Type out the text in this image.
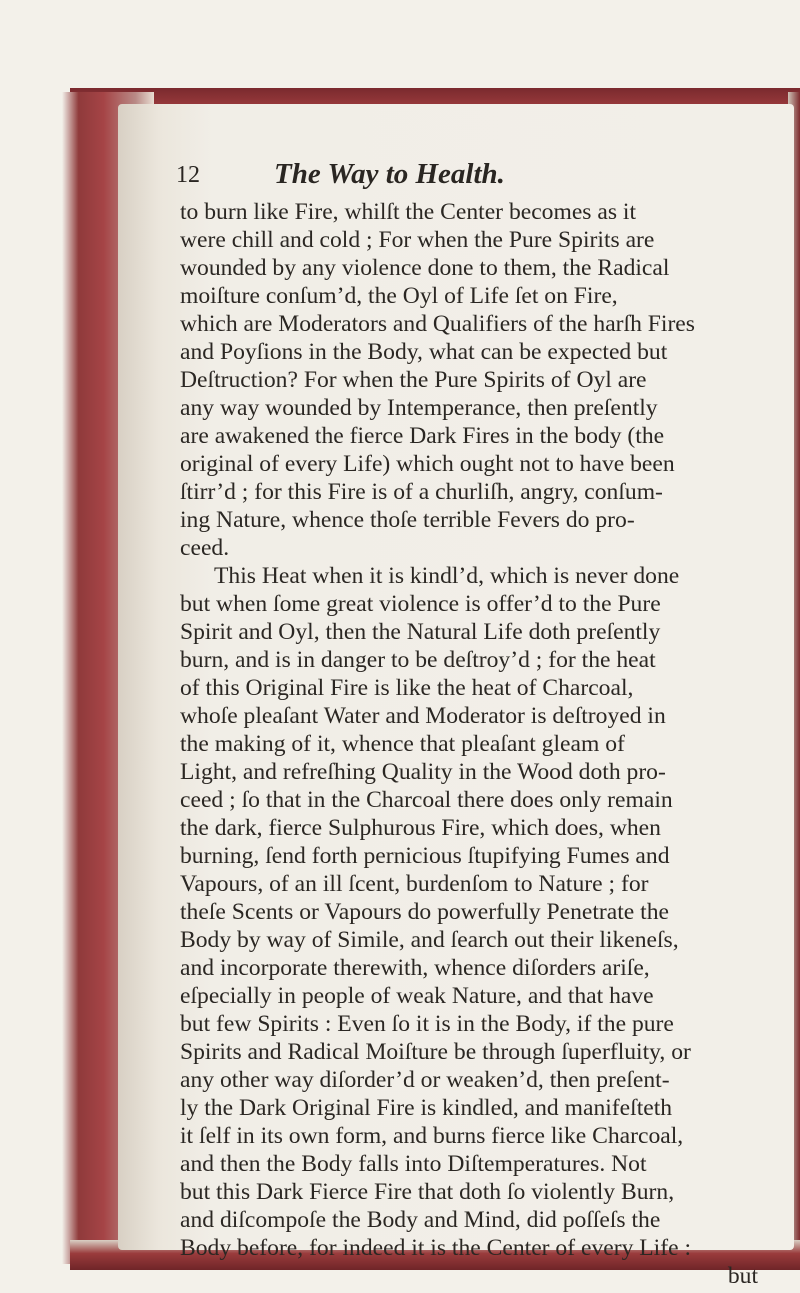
12	The Way to Health.
to burn like Fire, whilſt the Center becomes as it
were chill and cold ; For when the Pure Spirits are
wounded by any violence done to them, the Radical
moiſture conſum’d, the Oyl of Life ſet on Fire,
which are Moderators and Qualifiers of the harſh Fires
and Poyſions in the Body, what can be expected but
Deſtruction? For when the Pure Spirits of Oyl are
any way wounded by Intemperance, then preſently
are awakened the fierce Dark Fires in the body (the
original of every Life) which ought not to have been
ſtirr’d ; for this Fire is of a churliſh, angry, conſum-
ing Nature, whence thoſe terrible Fevers do pro-
ceed.
This Heat when it is kindl’d, which is never done
but when ſome great violence is offer’d to the Pure
Spirit and Oyl, then the Natural Life doth preſently
burn, and is in danger to be deſtroy’d ; for the heat
of this Original Fire is like the heat of Charcoal,
whoſe pleaſant Water and Moderator is deſtroyed in
the making of it, whence that pleaſant gleam of
Light, and refreſhing Quality in the Wood doth pro-
ceed ; ſo that in the Charcoal there does only remain
the dark, fierce Sulphurous Fire, which does, when
burning, ſend forth pernicious ſtupifying Fumes and
Vapours, of an ill ſcent, burdenſom to Nature ; for
theſe Scents or Vapours do powerfully Penetrate the
Body by way of Simile, and ſearch out their likeneſs,
and incorporate therewith, whence diſorders ariſe,
eſpecially in people of weak Nature, and that have
but few Spirits : Even ſo it is in the Body, if the pure
Spirits and Radical Moiſture be through ſuperfluity, or
any other way diſorder’d or weaken’d, then preſent-
ly the Dark Original Fire is kindled, and manifeſteth
it ſelf in its own form, and burns fierce like Charcoal,
and then the Body falls into Diſtemperatures. Not
but this Dark Fierce Fire that doth ſo violently Burn,
and diſcompoſe the Body and Mind, did poſſeſs the
Body before, for indeed it is the Center of every Life :
but
